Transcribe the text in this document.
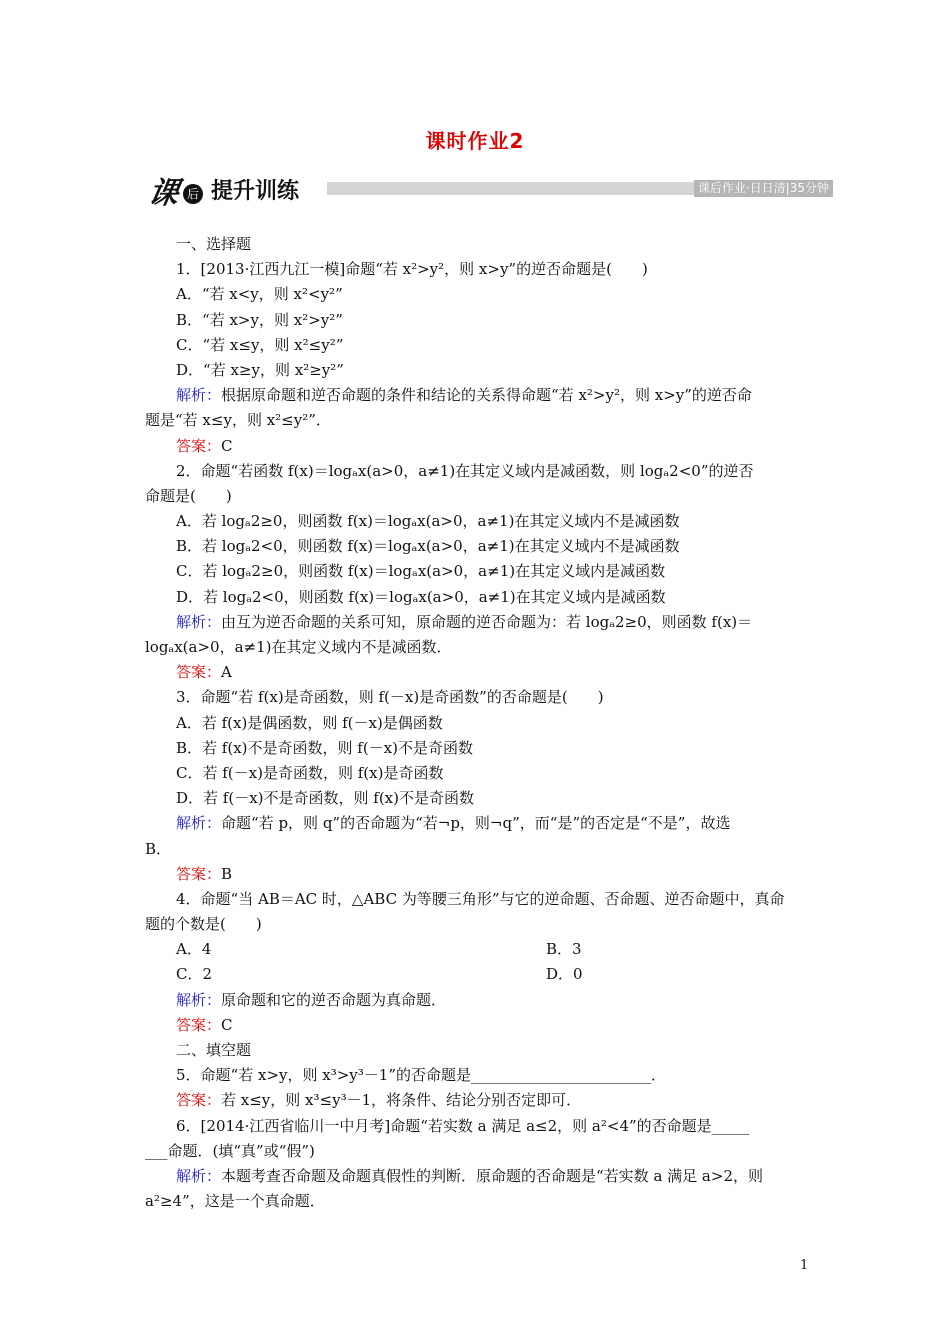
课时作业2
课 后 提升训练	课后作业·日日清|35分钟
一、选择题
1．[2013·江西九江一模]命题“若 x²>y²，则 x>y”的逆否命题是(　　)
A．“若 x<y，则 x²<y²”
B．“若 x>y，则 x²>y²”
C．“若 x≤y，则 x²≤y²”
D．“若 x≥y，则 x²≥y²”
解析：根据原命题和逆否命题的条件和结论的关系得命题“若 x²>y²，则 x>y”的逆否命
题是“若 x≤y，则 x²≤y²”．
答案：C
2．命题“若函数 f(x)＝logₐx(a>0，a≠1)在其定义域内是减函数，则 logₐ2<0”的逆否
命题是(　　)
A．若 logₐ2≥0，则函数 f(x)＝logₐx(a>0，a≠1)在其定义域内不是减函数
B．若 logₐ2<0，则函数 f(x)＝logₐx(a>0，a≠1)在其定义域内不是减函数
C．若 logₐ2≥0，则函数 f(x)＝logₐx(a>0，a≠1)在其定义域内是减函数
D．若 logₐ2<0，则函数 f(x)＝logₐx(a>0，a≠1)在其定义域内是减函数
解析：由互为逆否命题的关系可知，原命题的逆否命题为：若 logₐ2≥0，则函数 f(x)＝
logₐx(a>0，a≠1)在其定义域内不是减函数．
答案：A
3．命题“若 f(x)是奇函数，则 f(－x)是奇函数”的否命题是(　　)
A．若 f(x)是偶函数，则 f(－x)是偶函数
B．若 f(x)不是奇函数，则 f(－x)不是奇函数
C．若 f(－x)是奇函数，则 f(x)是奇函数
D．若 f(－x)不是奇函数，则 f(x)不是奇函数
解析：命题“若 p，则 q”的否命题为“若¬p，则¬q”，而“是”的否定是“不是”，故选
B．
答案：B
4．命题“当 AB＝AC 时，△ABC 为等腰三角形”与它的逆命题、否命题、逆否命题中，真命
题的个数是(　　)
A．4	B．3
C．2	D．0
解析：原命题和它的逆否命题为真命题．
答案：C
二、填空题
5．命题“若 x>y，则 x³>y³－1”的否命题是________________________．
答案：若 x≤y，则 x³≤y³－1，将条件、结论分别否定即可．
6．[2014·江西省临川一中月考]命题“若实数 a 满足 a≤2，则 a²<4”的否命题是_____
___命题．(填“真”或“假”)
解析：本题考查否命题及命题真假性的判断．原命题的否命题是“若实数 a 满足 a>2，则
a²≥4”，这是一个真命题．
1
